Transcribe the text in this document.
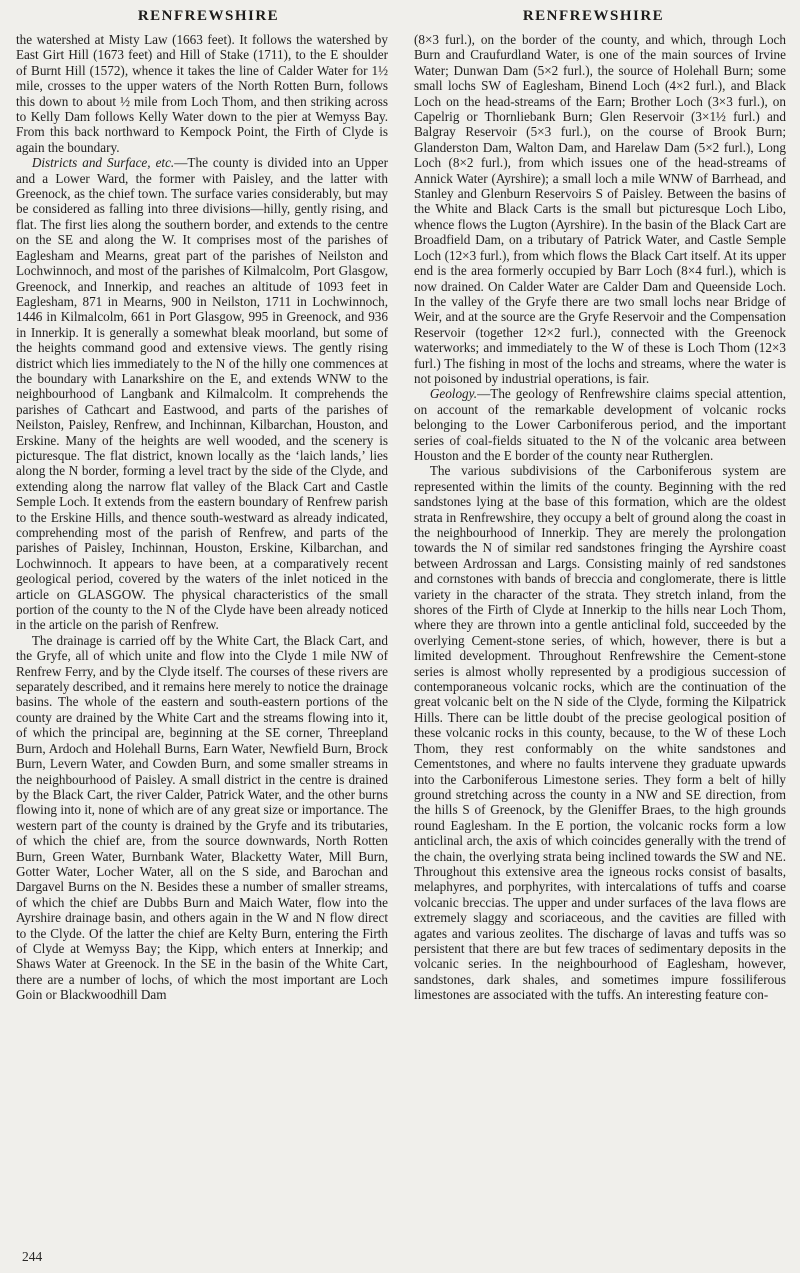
RENFREWSHIRE	RENFREWSHIRE

the watershed at Misty Law (1663 feet). It follows the watershed by East Girt Hill (1673 feet) and Hill of Stake (1711), to the E shoulder of Burnt Hill (1572), whence it takes the line of Calder Water for 1½ mile, crosses to the upper waters of the North Rotten Burn, follows this down to about ½ mile from Loch Thom, and then striking across to Kelly Dam follows Kelly Water down to the pier at Wemyss Bay. From this back northward to Kempock Point, the Firth of Clyde is again the boundary.

Districts and Surface, etc.—The county is divided into an Upper and a Lower Ward, the former with Paisley, and the latter with Greenock, as the chief town. The surface varies considerably, but may be considered as falling into three divisions—hilly, gently rising, and flat. The first lies along the southern border, and extends to the centre on the SE and along the W. It comprises most of the parishes of Eaglesham and Mearns, great part of the parishes of Neilston and Lochwinnoch, and most of the parishes of Kilmalcolm, Port Glasgow, Greenock, and Innerkip, and reaches an altitude of 1093 feet in Eaglesham, 871 in Mearns, 900 in Neilston, 1711 in Lochwinnoch, 1446 in Kilmalcolm, 661 in Port Glasgow, 995 in Greenock, and 936 in Innerkip. It is generally a somewhat bleak moorland, but some of the heights command good and extensive views. The gently rising district which lies immediately to the N of the hilly one commences at the boundary with Lanarkshire on the E, and extends WNW to the neighbourhood of Langbank and Kilmalcolm. It comprehends the parishes of Cathcart and Eastwood, and parts of the parishes of Neilston, Paisley, Renfrew, and Inchinnan, Kilbarchan, Houston, and Erskine. Many of the heights are well wooded, and the scenery is picturesque. The flat district, known locally as the ‘laich lands,’ lies along the N border, forming a level tract by the side of the Clyde, and extending along the narrow flat valley of the Black Cart and Castle Semple Loch. It extends from the eastern boundary of Renfrew parish to the Erskine Hills, and thence south-westward as already indicated, comprehending most of the parish of Renfrew, and parts of the parishes of Paisley, Inchinnan, Houston, Erskine, Kilbarchan, and Lochwinnoch. It appears to have been, at a comparatively recent geological period, covered by the waters of the inlet noticed in the article on GLASGOW. The physical characteristics of the small portion of the county to the N of the Clyde have been already noticed in the article on the parish of Renfrew.

The drainage is carried off by the White Cart, the Black Cart, and the Gryfe, all of which unite and flow into the Clyde 1 mile NW of Renfrew Ferry, and by the Clyde itself. The courses of these rivers are separately described, and it remains here merely to notice the drainage basins. The whole of the eastern and south-eastern portions of the county are drained by the White Cart and the streams flowing into it, of which the principal are, beginning at the SE corner, Threepland Burn, Ardoch and Holehall Burns, Earn Water, Newfield Burn, Brock Burn, Levern Water, and Cowden Burn, and some smaller streams in the neighbourhood of Paisley. A small district in the centre is drained by the Black Cart, the river Calder, Patrick Water, and the other burns flowing into it, none of which are of any great size or importance. The western part of the county is drained by the Gryfe and its tributaries, of which the chief are, from the source downwards, North Rotten Burn, Green Water, Burnbank Water, Blacketty Water, Mill Burn, Gotter Water, Locher Water, all on the S side, and Barochan and Dargavel Burns on the N. Besides these a number of smaller streams, of which the chief are Dubbs Burn and Maich Water, flow into the Ayrshire drainage basin, and others again in the W and N flow direct to the Clyde. Of the latter the chief are Kelty Burn, entering the Firth of Clyde at Wemyss Bay; the Kipp, which enters at Innerkip; and Shaws Water at Greenock. In the SE in the basin of the White Cart, there are a number of lochs, of which the most important are Loch Goin or Blackwoodhill Dam

(8×3 furl.), on the border of the county, and which, through Loch Burn and Craufurdland Water, is one of the main sources of Irvine Water; Dunwan Dam (5×2 furl.), the source of Holehall Burn; some small lochs SW of Eaglesham, Binend Loch (4×2 furl.), and Black Loch on the head-streams of the Earn; Brother Loch (3×3 furl.), on Capelrig or Thornliebank Burn; Glen Reservoir (3×1½ furl.) and Balgray Reservoir (5×3 furl.), on the course of Brook Burn; Glanderston Dam, Walton Dam, and Harelaw Dam (5×2 furl.), Long Loch (8×2 furl.), from which issues one of the head-streams of Annick Water (Ayrshire); a small loch a mile WNW of Barrhead, and Stanley and Glenburn Reservoirs S of Paisley. Between the basins of the White and Black Carts is the small but picturesque Loch Libo, whence flows the Lugton (Ayrshire). In the basin of the Black Cart are Broadfield Dam, on a tributary of Patrick Water, and Castle Semple Loch (12×3 furl.), from which flows the Black Cart itself. At its upper end is the area formerly occupied by Barr Loch (8×4 furl.), which is now drained. On Calder Water are Calder Dam and Queenside Loch. In the valley of the Gryfe there are two small lochs near Bridge of Weir, and at the source are the Gryfe Reservoir and the Compensation Reservoir (together 12×2 furl.), connected with the Greenock waterworks; and immediately to the W of these is Loch Thom (12×3 furl.) The fishing in most of the lochs and streams, where the water is not poisoned by industrial operations, is fair.

Geology.—The geology of Renfrewshire claims special attention, on account of the remarkable development of volcanic rocks belonging to the Lower Carboniferous period, and the important series of coal-fields situated to the N of the volcanic area between Houston and the E border of the county near Rutherglen.

The various subdivisions of the Carboniferous system are represented within the limits of the county. Beginning with the red sandstones lying at the base of this formation, which are the oldest strata in Renfrewshire, they occupy a belt of ground along the coast in the neighbourhood of Innerkip. They are merely the prolongation towards the N of similar red sandstones fringing the Ayrshire coast between Ardrossan and Largs. Consisting mainly of red sandstones and cornstones with bands of breccia and conglomerate, there is little variety in the character of the strata. They stretch inland, from the shores of the Firth of Clyde at Innerkip to the hills near Loch Thom, where they are thrown into a gentle anticlinal fold, succeeded by the overlying Cement-stone series, of which, however, there is but a limited development. Throughout Renfrewshire the Cement-stone series is almost wholly represented by a prodigious succession of contemporaneous volcanic rocks, which are the continuation of the great volcanic belt on the N side of the Clyde, forming the Kilpatrick Hills. There can be little doubt of the precise geological position of these volcanic rocks in this county, because, to the W of these Loch Thom, they rest conformably on the white sandstones and Cementstones, and where no faults intervene they graduate upwards into the Carboniferous Limestone series. They form a belt of hilly ground stretching across the county in a NW and SE direction, from the hills S of Greenock, by the Gleniffer Braes, to the high grounds round Eaglesham. In the E portion, the volcanic rocks form a low anticlinal arch, the axis of which coincides generally with the trend of the chain, the overlying strata being inclined towards the SW and NE. Throughout this extensive area the igneous rocks consist of basalts, melaphyres, and porphyrites, with intercalations of tuffs and coarse volcanic breccias. The upper and under surfaces of the lava flows are extremely slaggy and scoriaceous, and the cavities are filled with agates and various zeolites. The discharge of lavas and tuffs was so persistent that there are but few traces of sedimentary deposits in the volcanic series. In the neighbourhood of Eaglesham, however, sandstones, dark shales, and sometimes impure fossiliferous limestones are associated with the tuffs. An interesting feature con-

244
